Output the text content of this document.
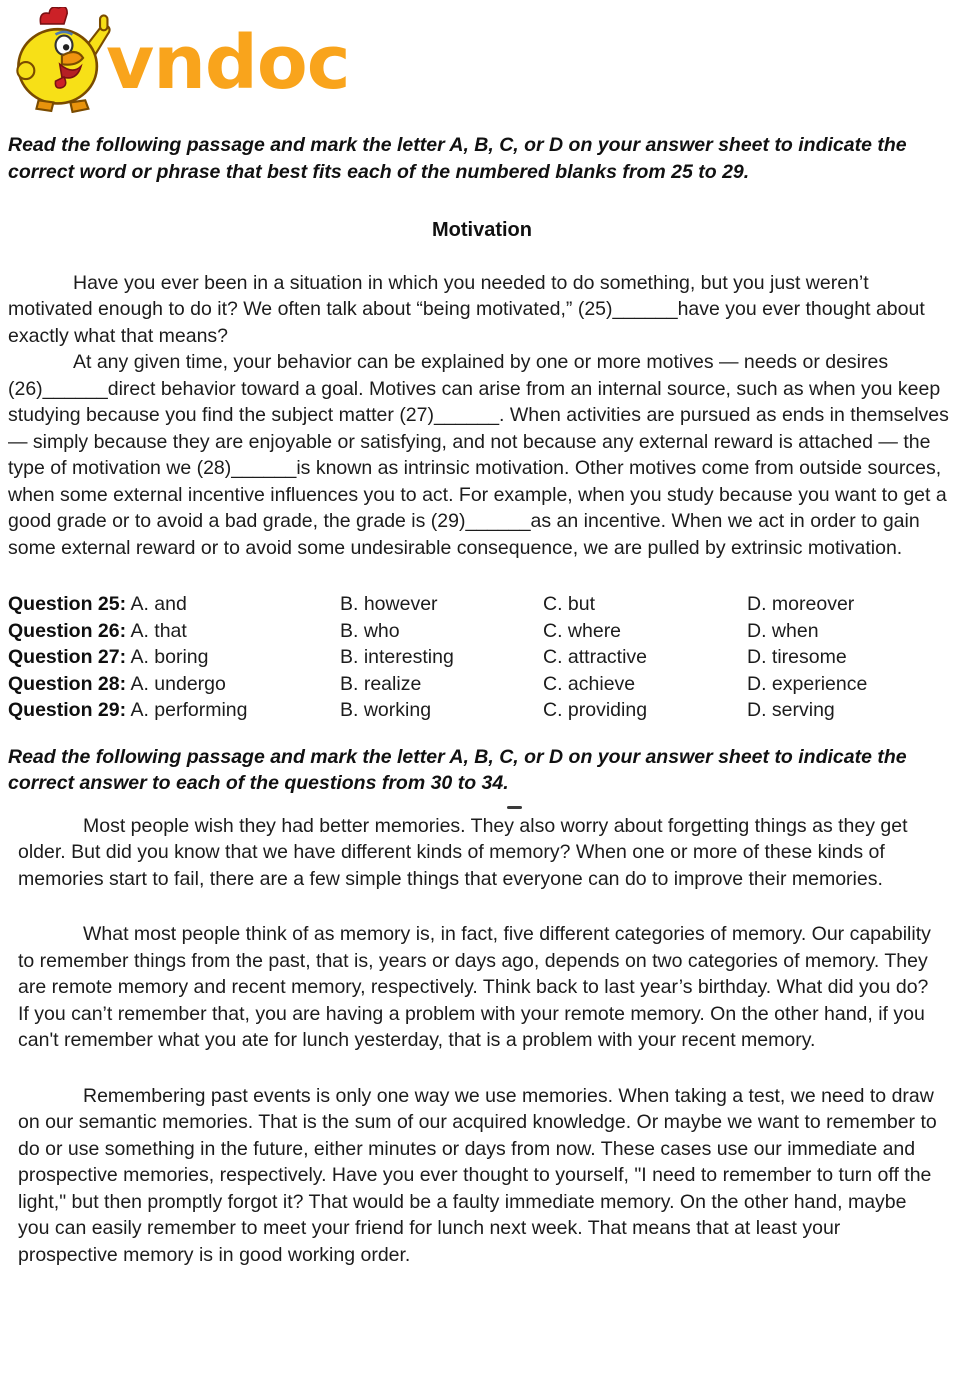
vndoc

Read the following passage and mark the letter A, B, C, or D on your answer sheet to indicate the correct word or phrase that best fits each of the numbered blanks from 25 to 29.

Motivation

Have you ever been in a situation in which you needed to do something, but you just weren’t motivated enough to do it? We often talk about “being motivated,” (25)______have you ever thought about exactly what that means?

At any given time, your behavior can be explained by one or more motives — needs or desires (26)______direct behavior toward a goal. Motives can arise from an internal source, such as when you keep studying because you find the subject matter (27)______. When activities are pursued as ends in themselves — simply because they are enjoyable or satisfying, and not because any external reward is attached — the type of motivation we (28)______is known as intrinsic motivation. Other motives come from outside sources, when some external incentive influences you to act. For example, when you study because you want to get a good grade or to avoid a bad grade, the grade is (29)______as an incentive. When we act in order to gain some external reward or to avoid some undesirable consequence, we are pulled by extrinsic motivation.

Question 25: A. and	B. however	C. but	D. moreover
Question 26: A. that	B. who	C. where	D. when
Question 27: A. boring	B. interesting	C. attractive	D. tiresome
Question 28: A. undergo	B. realize	C. achieve	D. experience
Question 29: A. performing	B. working	C. providing	D. serving

Read the following passage and mark the letter A, B, C, or D on your answer sheet to indicate the correct answer to each of the questions from 30 to 34.

Most people wish they had better memories. They also worry about forgetting things as they get older. But did you know that we have different kinds of memory? When one or more of these kinds of memories start to fail, there are a few simple things that everyone can do to improve their memories.

What most people think of as memory is, in fact, five different categories of memory. Our capability to remember things from the past, that is, years or days ago, depends on two categories of memory. They are remote memory and recent memory, respectively. Think back to last year’s birthday. What did you do? If you can’t remember that, you are having a problem with your remote memory. On the other hand, if you can't remember what you ate for lunch yesterday, that is a problem with your recent memory.

Remembering past events is only one way we use memories. When taking a test, we need to draw on our semantic memories. That is the sum of our acquired knowledge. Or maybe we want to remember to do or use something in the future, either minutes or days from now. These cases use our immediate and prospective memories, respectively. Have you ever thought to yourself, "I need to remember to turn off the light," but then promptly forgot it? That would be a faulty immediate memory. On the other hand, maybe you can easily remember to meet your friend for lunch next week. That means that at least your prospective memory is in good working order.
